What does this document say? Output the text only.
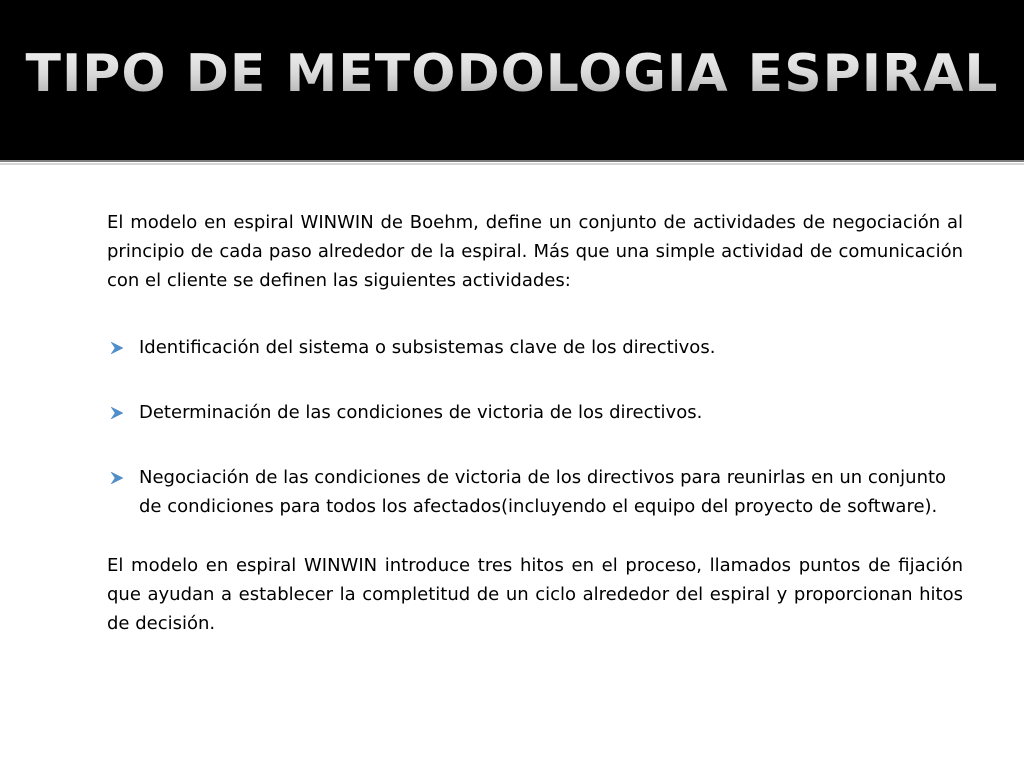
TIPO DE METODOLOGIA ESPIRAL

El modelo en espiral WINWIN de Boehm, define un conjunto de actividades de negociación al principio de cada paso alrededor de la espiral. Más que una simple actividad de comunicación con el cliente se definen las siguientes actividades:

Identificación del sistema o subsistemas clave de los directivos.
Determinación de las condiciones de victoria de los directivos.
Negociación de las condiciones de victoria de los directivos para reunirlas en un conjunto de condiciones para todos los afectados(incluyendo el equipo del proyecto de software).

El modelo en espiral WINWIN introduce tres hitos en el proceso, llamados puntos de fijación que ayudan a establecer la completitud de un ciclo alrededor del espiral y proporcionan hitos de decisión.
